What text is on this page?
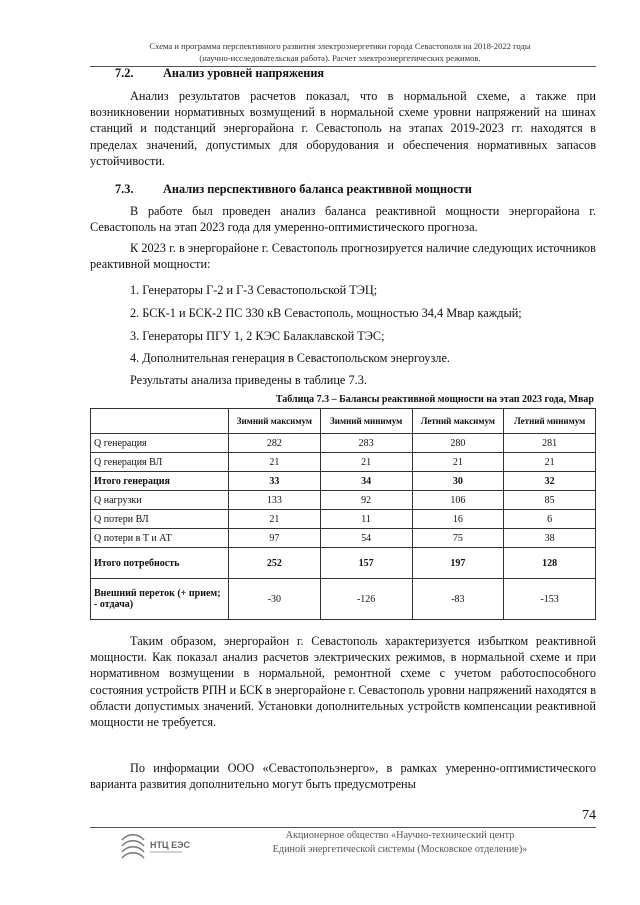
Схема и программа перспективного развития электроэнергетики города Севастополя на 2018-2022 годы
(научно-исследовательская работа). Расчет электроэнергетических режимов.
7.2. Анализ уровней напряжения
Анализ результатов расчетов показал, что в нормальной схеме, а также при возникновении нормативных возмущений в нормальной схеме уровни напряжений на шинах станций и подстанций энергорайона г. Севастополь на этапах 2019-2023 гг. находятся в пределах значений, допустимых для оборудования и обеспечения нормативных запасов устойчивости.
7.3. Анализ перспективного баланса реактивной мощности
В работе был проведен анализ баланса реактивной мощности энергорайона г. Севастополь на этап 2023 года для умеренно-оптимистического прогноза.
К 2023 г. в энергорайоне г. Севастополь прогнозируется наличие следующих источников реактивной мощности:
1. Генераторы Г-2 и Г-3 Севастопольской ТЭЦ;
2. БСК-1 и БСК-2 ПС 330 кВ Севастополь, мощностью 34,4 Мвар каждый;
3. Генераторы ПГУ 1, 2 КЭС Балаклавской ТЭС;
4. Дополнительная генерация в Севастопольском энергоузле.
Результаты анализа приведены в таблице 7.3.
Таблица 7.3 – Балансы реактивной мощности на этап 2023 года, Мвар
	Зимний максимум	Зимний минимум	Летний максимум	Летний минимум
Q генерация	282	283	280	281
Q генерация ВЛ	21	21	21	21
Итого генерация	33	34	30	32
Q нагрузки	133	92	106	85
Q потери ВЛ	21	11	16	6
Q потери в Т и АТ	97	54	75	38
Итого потребность	252	157	197	128
Внешний переток (+ прием; - отдача)	-30	-126	-83	-153
Таким образом, энергорайон г. Севастополь характеризуется избытком реактивной мощности. Как показал анализ расчетов электрических режимов, в нормальной схеме и при нормативном возмущении в нормальной, ремонтной схеме с учетом работоспособного состояния устройств РПН и БСК в энергорайоне г. Севастополь уровни напряжений находятся в области допустимых значений. Установки дополнительных устройств компенсации реактивной мощности не требуется.
По информации ООО «Севастопольэнерго», в рамках умеренно-оптимистического варианта развития дополнительно могут быть предусмотрены
74
НТЦ ЕЭС
Акционерное общество «Научно-технический центр
Единой энергетической системы (Московское отделение)»
